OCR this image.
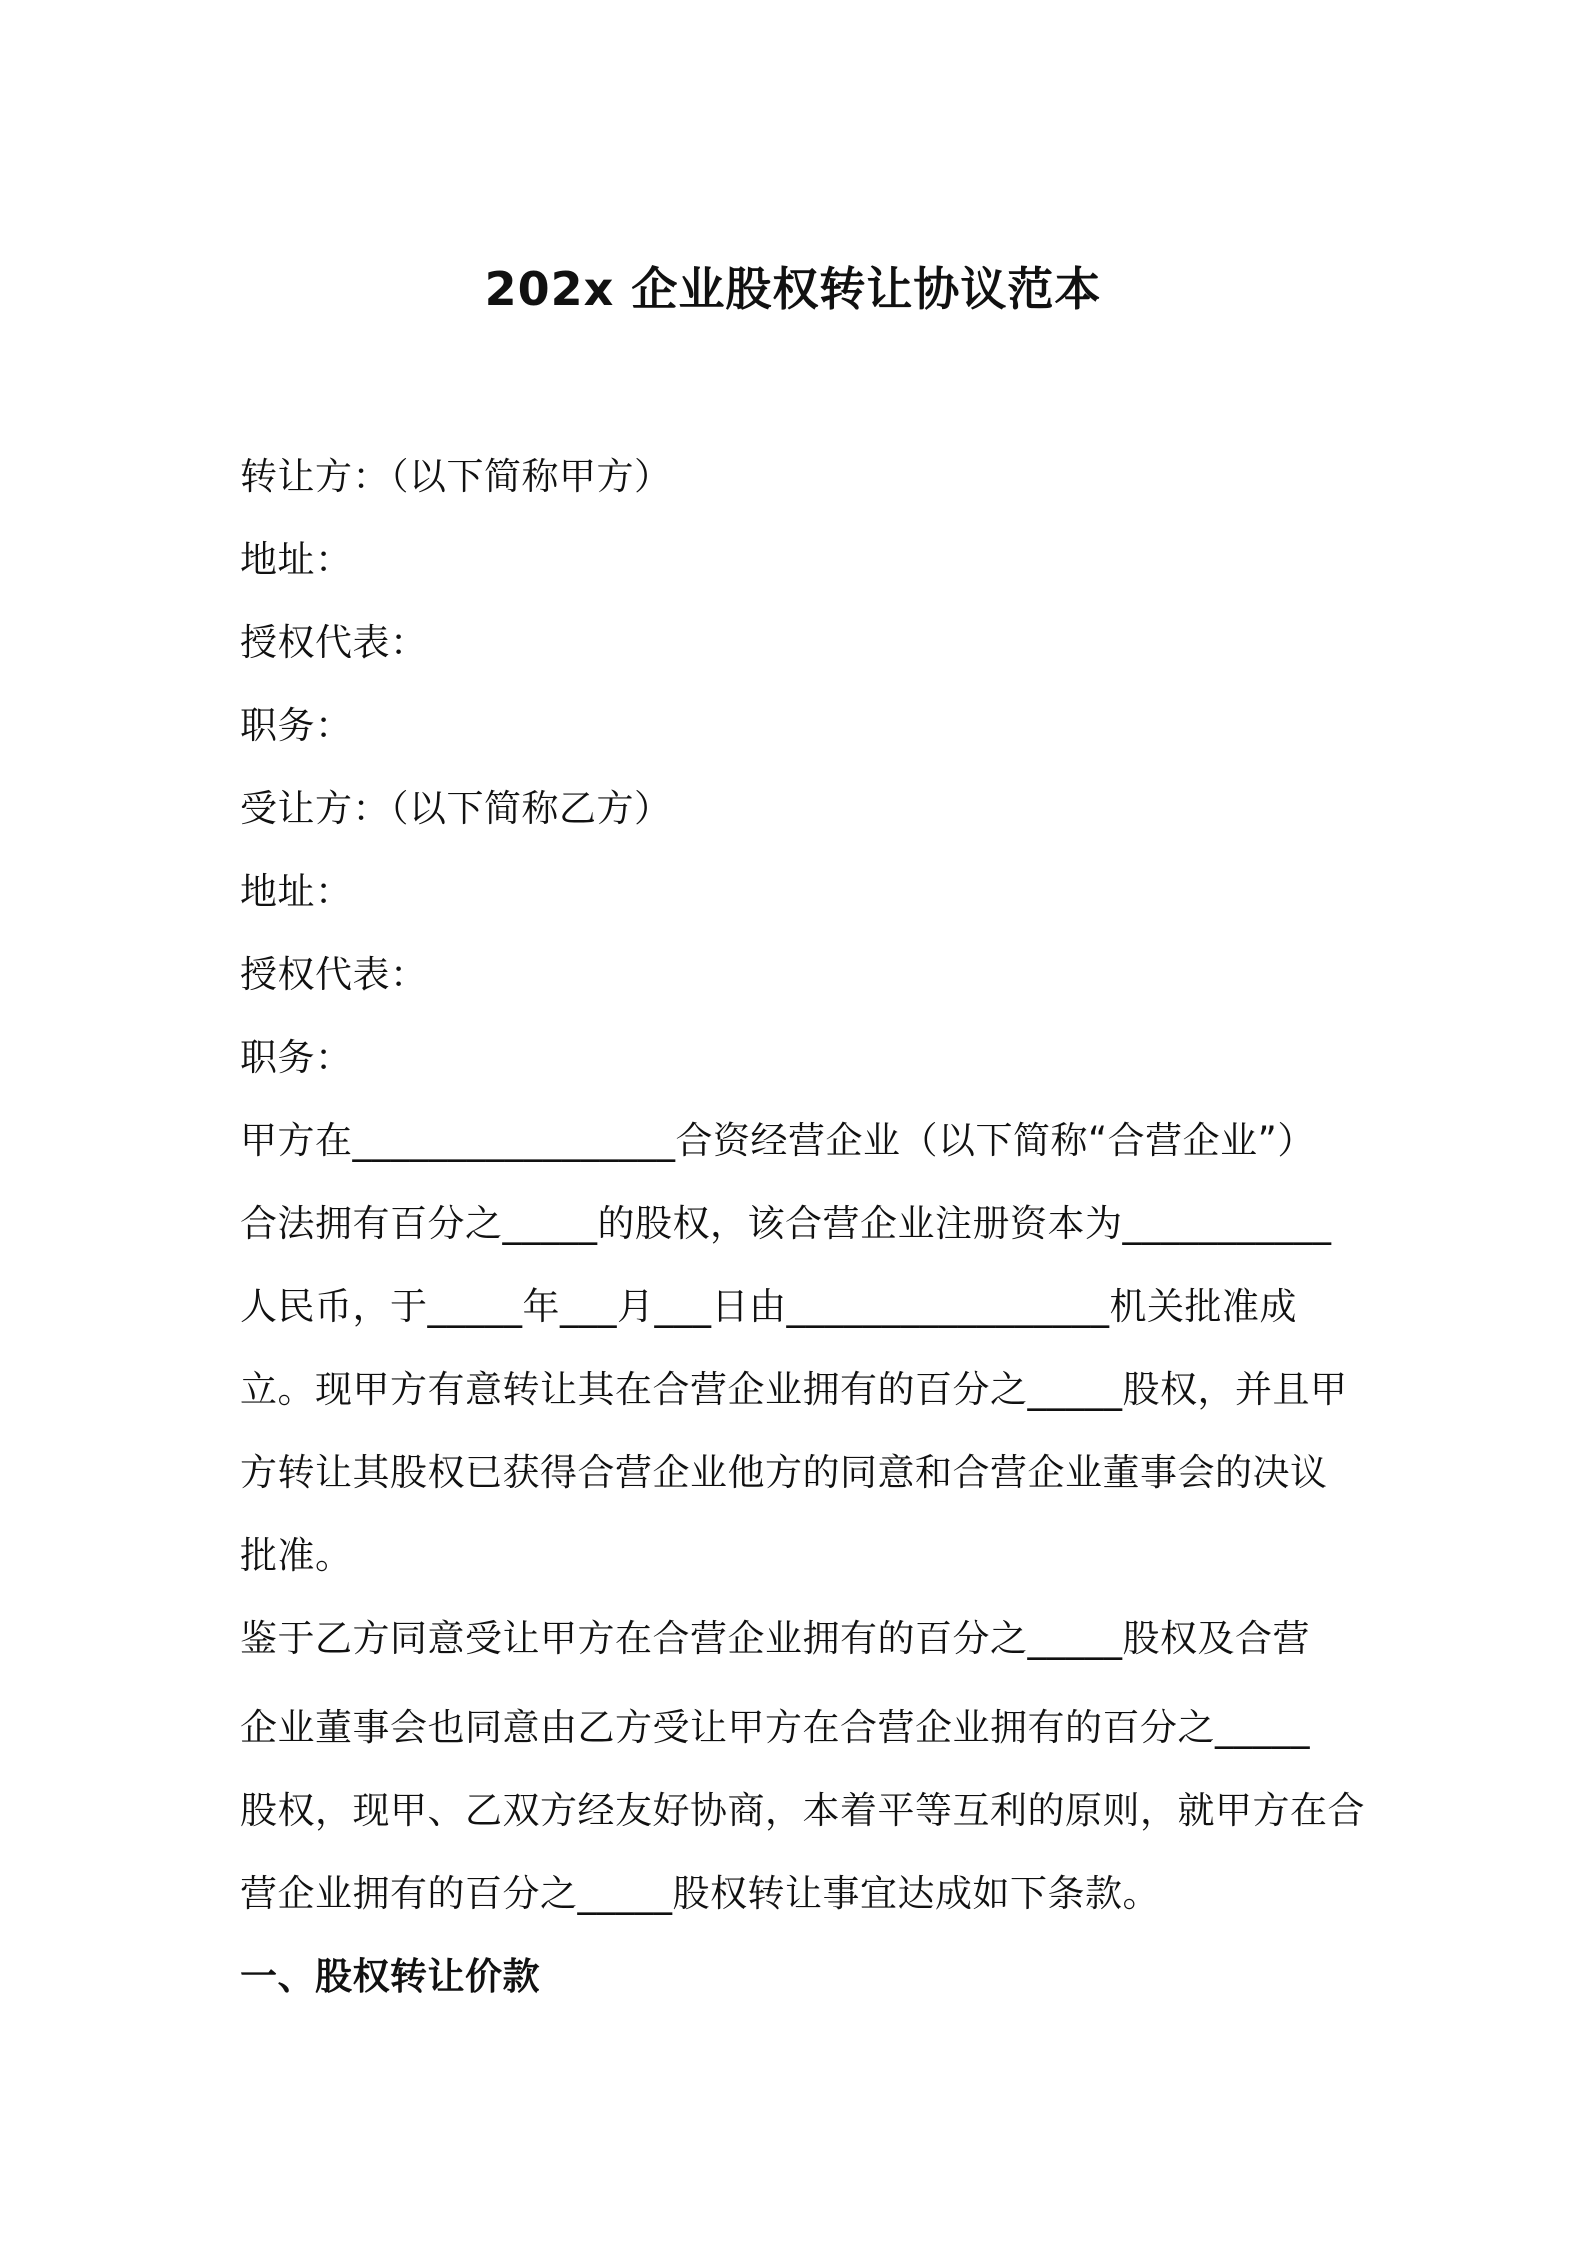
202x 企业股权转让协议范本
转让方：（以下简称甲方）
地址：
授权代表：
职务：
受让方：（以下简称乙方）
地址：
授权代表：
职务：
甲方在_________________合资经营企业（以下简称“合营企业”）
合法拥有百分之_____的股权，该合营企业注册资本为___________
人民币，于_____年___月___日由_________________机关批准成
立。现甲方有意转让其在合营企业拥有的百分之_____股权，并且甲
方转让其股权已获得合营企业他方的同意和合营企业董事会的决议
批准。
鉴于乙方同意受让甲方在合营企业拥有的百分之_____股权及合营
企业董事会也同意由乙方受让甲方在合营企业拥有的百分之_____
股权，现甲、乙双方经友好协商，本着平等互利的原则，就甲方在合
营企业拥有的百分之_____股权转让事宜达成如下条款。
一、股权转让价款
